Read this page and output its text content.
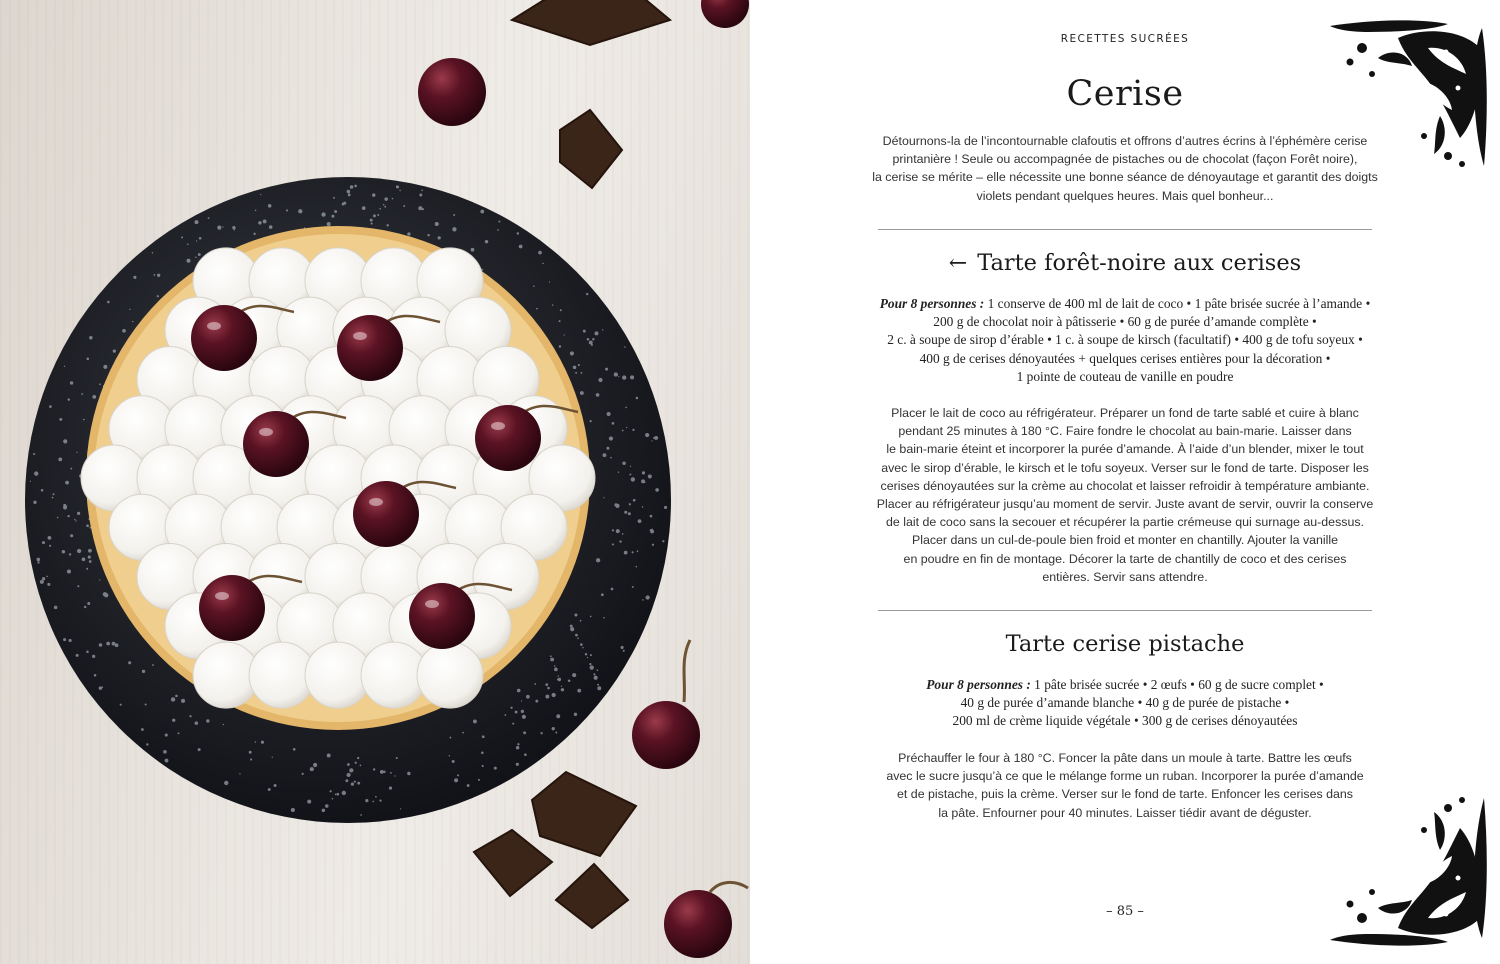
RECETTES SUCRÉES
Cerise
Détournons-la de l’incontournable clafoutis et offrons d’autres écrins à l’éphémère cerise
printanière ! Seule ou accompagnée de pistaches ou de chocolat (façon Forêt noire),
la cerise se mérite – elle nécessite une bonne séance de dénoyautage et garantit des doigts
violets pendant quelques heures. Mais quel bonheur...
← Tarte forêt-noire aux cerises
Pour 8 personnes : 1 conserve de 400 ml de lait de coco • 1 pâte brisée sucrée à l’amande •
200 g de chocolat noir à pâtisserie • 60 g de purée d’amande complète •
2 c. à soupe de sirop d’érable • 1 c. à soupe de kirsch (facultatif) • 400 g de tofu soyeux •
400 g de cerises dénoyautées + quelques cerises entières pour la décoration •
1 pointe de couteau de vanille en poudre
Placer le lait de coco au réfrigérateur. Préparer un fond de tarte sablé et cuire à blanc
pendant 25 minutes à 180 °C. Faire fondre le chocolat au bain-marie. Laisser dans
le bain-marie éteint et incorporer la purée d’amande. À l’aide d’un blender, mixer le tout
avec le sirop d’érable, le kirsch et le tofu soyeux. Verser sur le fond de tarte. Disposer les
cerises dénoyautées sur la crème au chocolat et laisser refroidir à température ambiante.
Placer au réfrigérateur jusqu’au moment de servir. Juste avant de servir, ouvrir la conserve
de lait de coco sans la secouer et récupérer la partie crémeuse qui surnage au-dessus.
Placer dans un cul-de-poule bien froid et monter en chantilly. Ajouter la vanille
en poudre en fin de montage. Décorer la tarte de chantilly de coco et des cerises
entières. Servir sans attendre.
Tarte cerise pistache
Pour 8 personnes : 1 pâte brisée sucrée • 2 œufs • 60 g de sucre complet •
40 g de purée d’amande blanche • 40 g de purée de pistache •
200 ml de crème liquide végétale • 300 g de cerises dénoyautées
Préchauffer le four à 180 °C. Foncer la pâte dans un moule à tarte. Battre les œufs
avec le sucre jusqu’à ce que le mélange forme un ruban. Incorporer la purée d’amande
et de pistache, puis la crème. Verser sur le fond de tarte. Enfoncer les cerises dans
la pâte. Enfourner pour 40 minutes. Laisser tiédir avant de déguster.
– 85 –
